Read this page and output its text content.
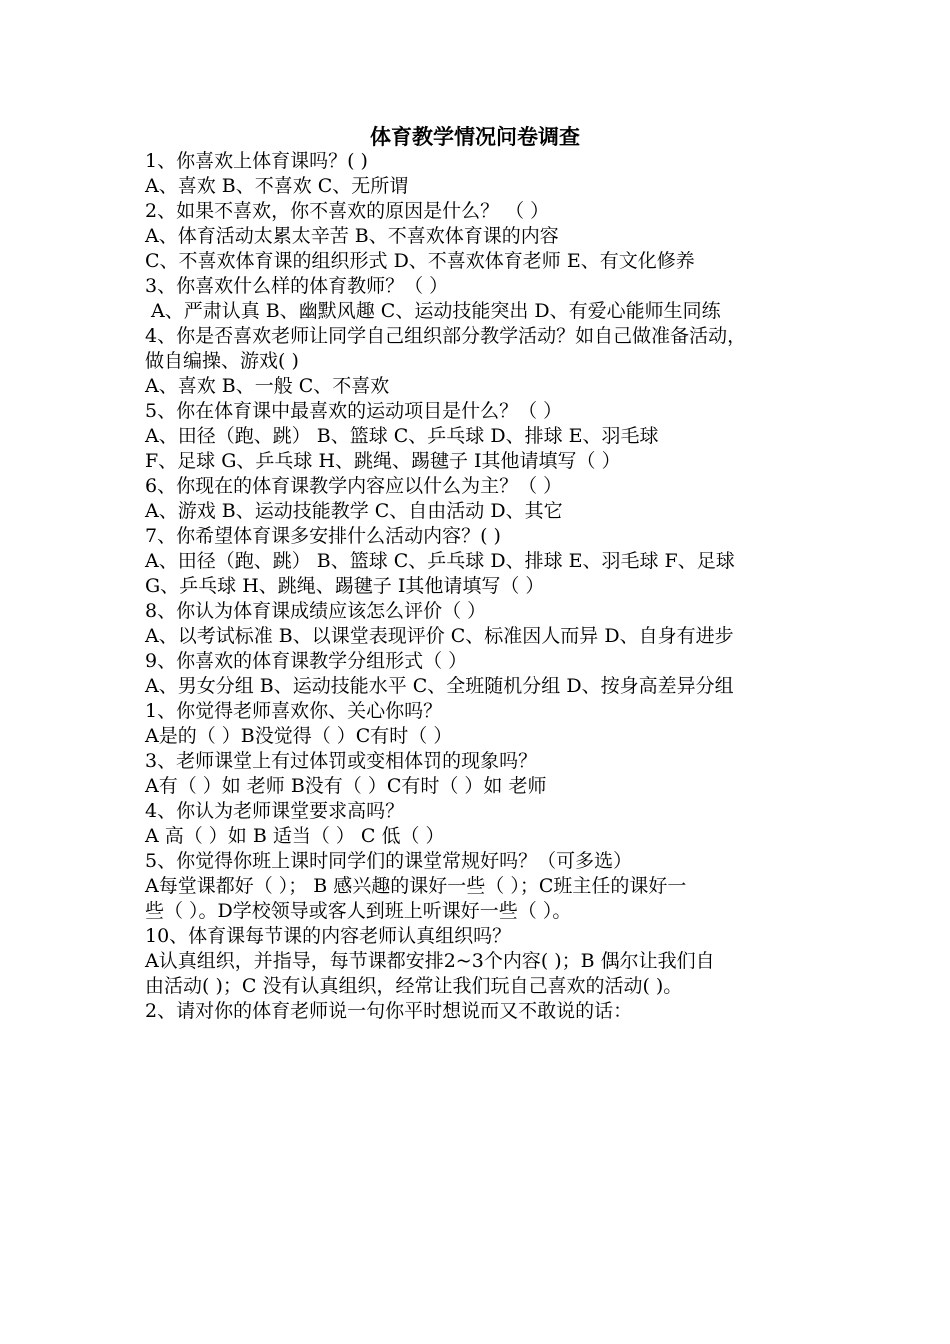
体育教学情况问卷调查
1、你喜欢上体育课吗？( )
A、喜欢 B、不喜欢 C、无所谓
2、如果不喜欢，你不喜欢的原因是什么？ （ ）
A、体育活动太累太辛苦 B、不喜欢体育课的内容
C、不喜欢体育课的组织形式 D、不喜欢体育老师 E、有文化修养
3、你喜欢什么样的体育教师？（ ）
A、严肃认真 B、幽默风趣 C、运动技能突出 D、有爱心能师生同练
4、你是否喜欢老师让同学自己组织部分教学活动？如自己做准备活动，
做自编操、游戏( )
A、喜欢 B、一般 C、不喜欢
5、你在体育课中最喜欢的运动项目是什么？（ ）
A、田径（跑、跳） B、篮球 C、乒乓球 D、排球 E、羽毛球
F、足球 G、乒乓球 H、跳绳、踢毽子 I其他请填写（ ）
6、你现在的体育课教学内容应以什么为主？（ ）
A、游戏 B、运动技能教学 C、自由活动 D、其它
7、你希望体育课多安排什么活动内容？( )
A、田径（跑、跳） B、篮球 C、乒乓球 D、排球 E、羽毛球 F、足球
G、乒乓球 H、跳绳、踢毽子 I其他请填写（ ）
8、你认为体育课成绩应该怎么评价（ ）
A、以考试标准 B、以课堂表现评价 C、标准因人而异 D、自身有进步
9、你喜欢的体育课教学分组形式（ ）
A、男女分组 B、运动技能水平 C、全班随机分组 D、按身高差异分组
1、你觉得老师喜欢你、关心你吗？
A是的（ ）B没觉得（ ）C有时（ ）
3、老师课堂上有过体罚或变相体罚的现象吗？
A有（ ）如 老师 B没有（ ）C有时（ ）如 老师
4、你认为老师课堂要求高吗？
A 高（ ）如 B 适当（ ） C 低（ ）
5、你觉得你班上课时同学们的课堂常规好吗？（可多选）
A每堂课都好（ ）； B 感兴趣的课好一些（ ）；C班主任的课好一
些（ ）。D学校领导或客人到班上听课好一些（ ）。
10、体育课每节课的内容老师认真组织吗？
A认真组织，并指导，每节课都安排2~3个内容( )；B 偶尔让我们自
由活动( )；C 没有认真组织，经常让我们玩自己喜欢的活动( )。
2、请对你的体育老师说一句你平时想说而又不敢说的话：
